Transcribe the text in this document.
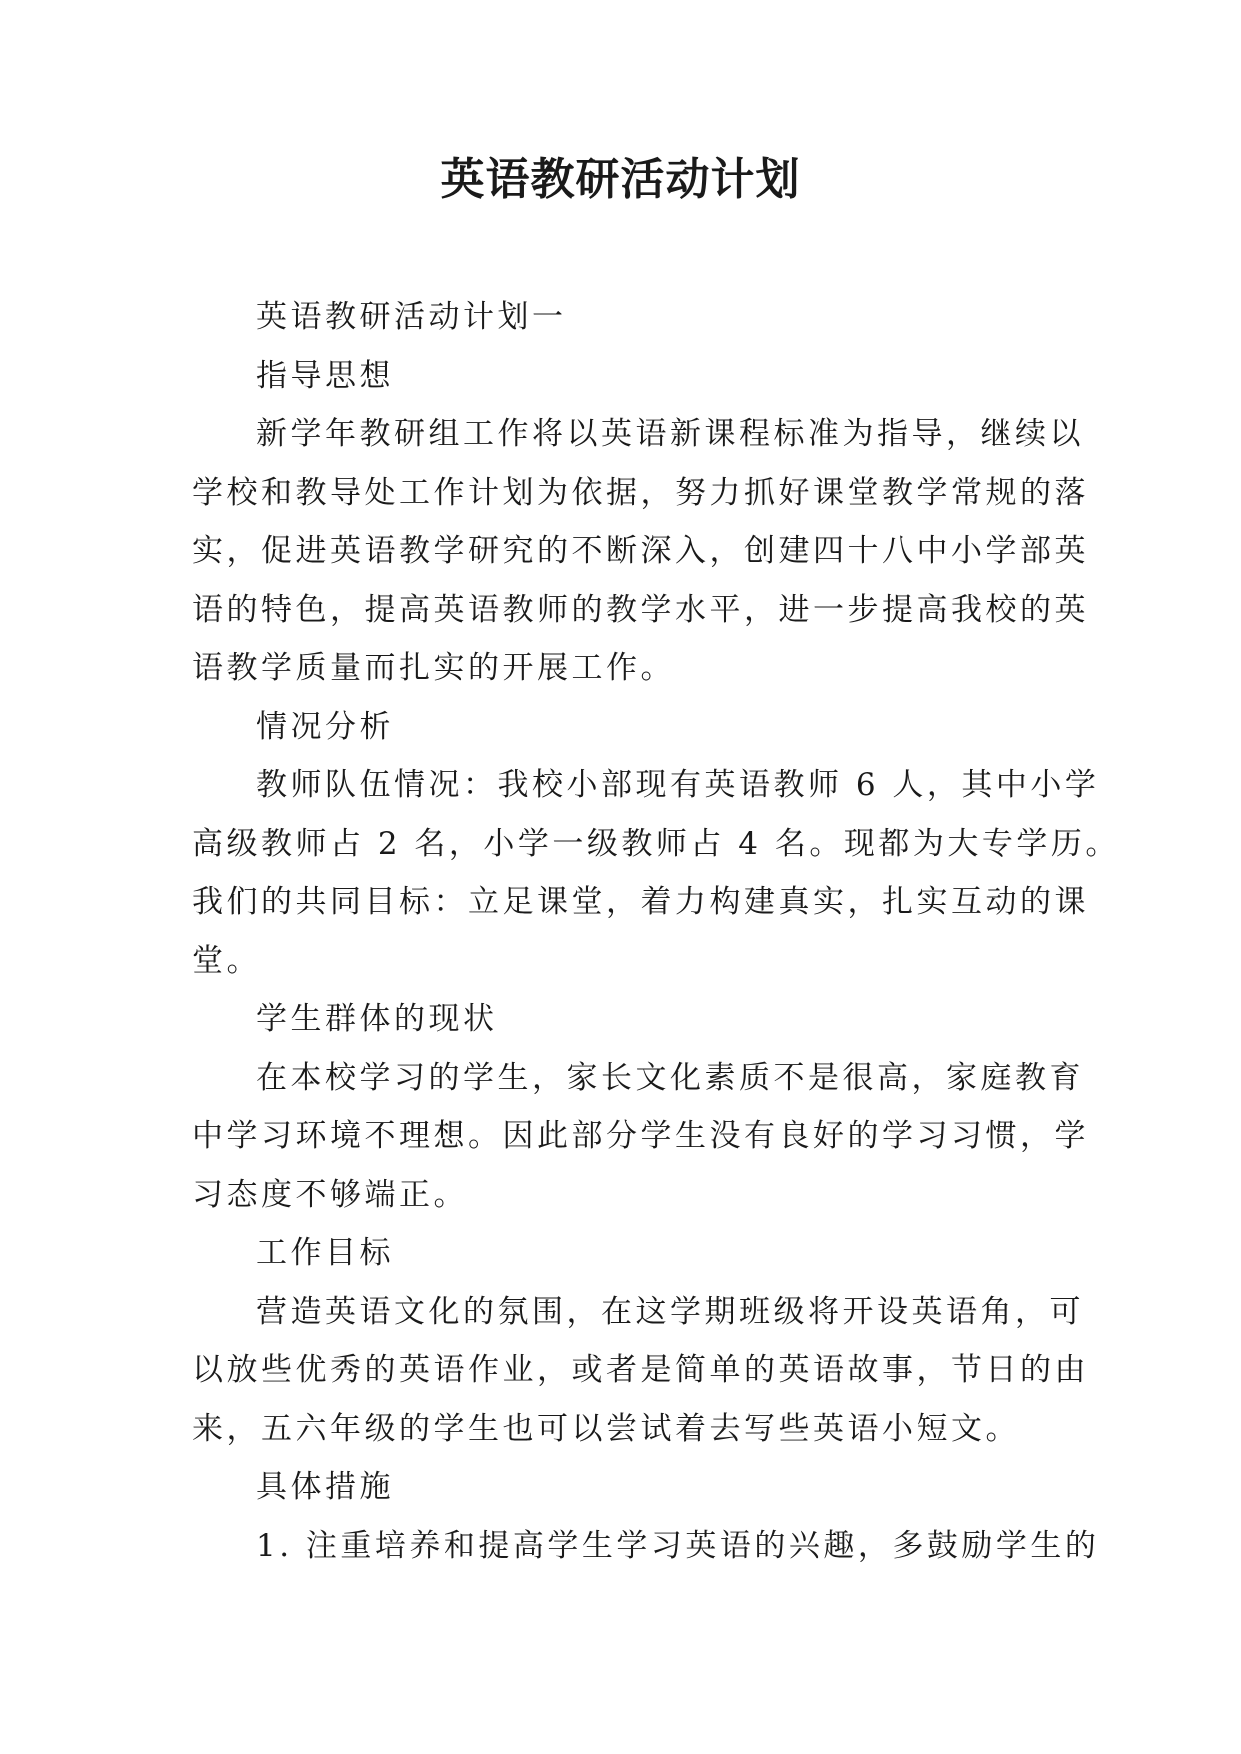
英语教研活动计划
英语教研活动计划一
指导思想
新学年教研组工作将以英语新课程标准为指导，继续以
学校和教导处工作计划为依据，努力抓好课堂教学常规的落
实，促进英语教学研究的不断深入，创建四十八中小学部英
语的特色，提高英语教师的教学水平，进一步提高我校的英
语教学质量而扎实的开展工作。
情况分析
教师队伍情况：我校小部现有英语教师 6 人，其中小学
高级教师占 2 名，小学一级教师占 4 名。现都为大专学历。
我们的共同目标：立足课堂，着力构建真实，扎实互动的课
堂。
学生群体的现状
在本校学习的学生，家长文化素质不是很高，家庭教育
中学习环境不理想。因此部分学生没有良好的学习习惯，学
习态度不够端正。
工作目标
营造英语文化的氛围，在这学期班级将开设英语角，可
以放些优秀的英语作业，或者是简单的英语故事，节日的由
来，五六年级的学生也可以尝试着去写些英语小短文。
具体措施
1. 注重培养和提高学生学习英语的兴趣，多鼓励学生的
